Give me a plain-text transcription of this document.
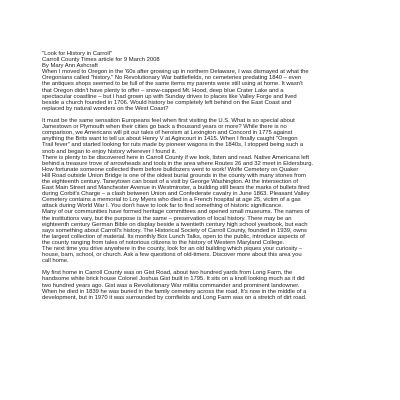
"Look for History in Carroll"
Carroll County Times article for 9 March 2008
By Mary Ann Ashcraft
When I moved to Oregon in the '60s after growing up in northern Delaware, I was dismayed at what the
Oregonians called "history." No Revolutionary War battlefields, no cemeteries predating 1840 – even
the antiques shops seemed to be full of the same items my parents were still using at home. It wasn't
that Oregon didn't have plenty to offer – snow-capped Mt. Hood, deep blue Crater Lake and a
spectacular coastline – but I had grown up with Sunday drives to places like Valley Forge and lived
beside a church founded in 1706. Would history be completely left behind on the East Coast and
replaced by natural wonders on the West Coast?
It must be the same sensation Europeans feel when first visiting the U.S. What is so special about
Jamestown or Plymouth when their cities go back a thousand years or more? While there is no
comparison, we Americans will pit our tales of heroism at Lexington and Concord in 1775 against
anything the Brits want to tell us about Henry V at Agincourt in 1415. When I finally caught "Oregon
Trail fever" and started looking for ruts made by pioneer wagons in the 1840s, I stopped being such a
snob and began to enjoy history wherever I found it.
There is plenty to be discovered here in Carroll County if we look, listen and read. Native Americans left
behind a treasure trove of arrowheads and tools in the area where Routes 26 and 32 meet in Eldersburg.
How fortunate someone collected them before bulldozers went to work! Wolfe Cemetery on Quaker
Hill Road outside Union Bridge is one of the oldest burial grounds in the county with many stones from
the eighteenth century. Taneytown can boast of a visit by George Washington. At the intersection of
East Main Street and Manchester Avenue in Westminster, a building still bears the marks of bullets fired
during Corbit's Charge – a clash between Union and Confederate cavalry in June 1863. Pleasant Valley
Cemetery contains a memorial to Loy Myers who died in a French hospital at age 25, victim of a gas
attack during World War I. You don't have to look far to find something of historic significance.
Many of our communities have formed heritage committees and opened small museums. The names of
the institutions vary, but the purpose is the same – preservation of local history. There may be an
eighteenth century German Bible on display beside a twentieth century high school yearbook, but each
says something about Carroll's history. The Historical Society of Carroll County, founded in 1939, owns
the largest collection of material. Its monthly Box Lunch Talks, open to the public, introduce aspects of
the county ranging from tales of notorious citizens to the history of Western Maryland College.
The next time you drive anywhere in the county, look for an old building which piques your curiosity –
house, barn, school, or church. Ask a few questions of old-timers. Discover more about this area you
call home.
My first home in Carroll County was on Gist Road, about two hundred yards from Long Farm, the
handsome white brick house Colonel Joshua Gist built in 1795. It sits on a knoll looking much as it did
two hundred years ago. Gist was a Revolutionary War militia commander and prominent landowner.
When he died in 1839 he was buried in the family cemetery across the road. It's now in the middle of a
development, but in 1970 it was surrounded by cornfields and Long Farm was on a stretch of dirt road.
